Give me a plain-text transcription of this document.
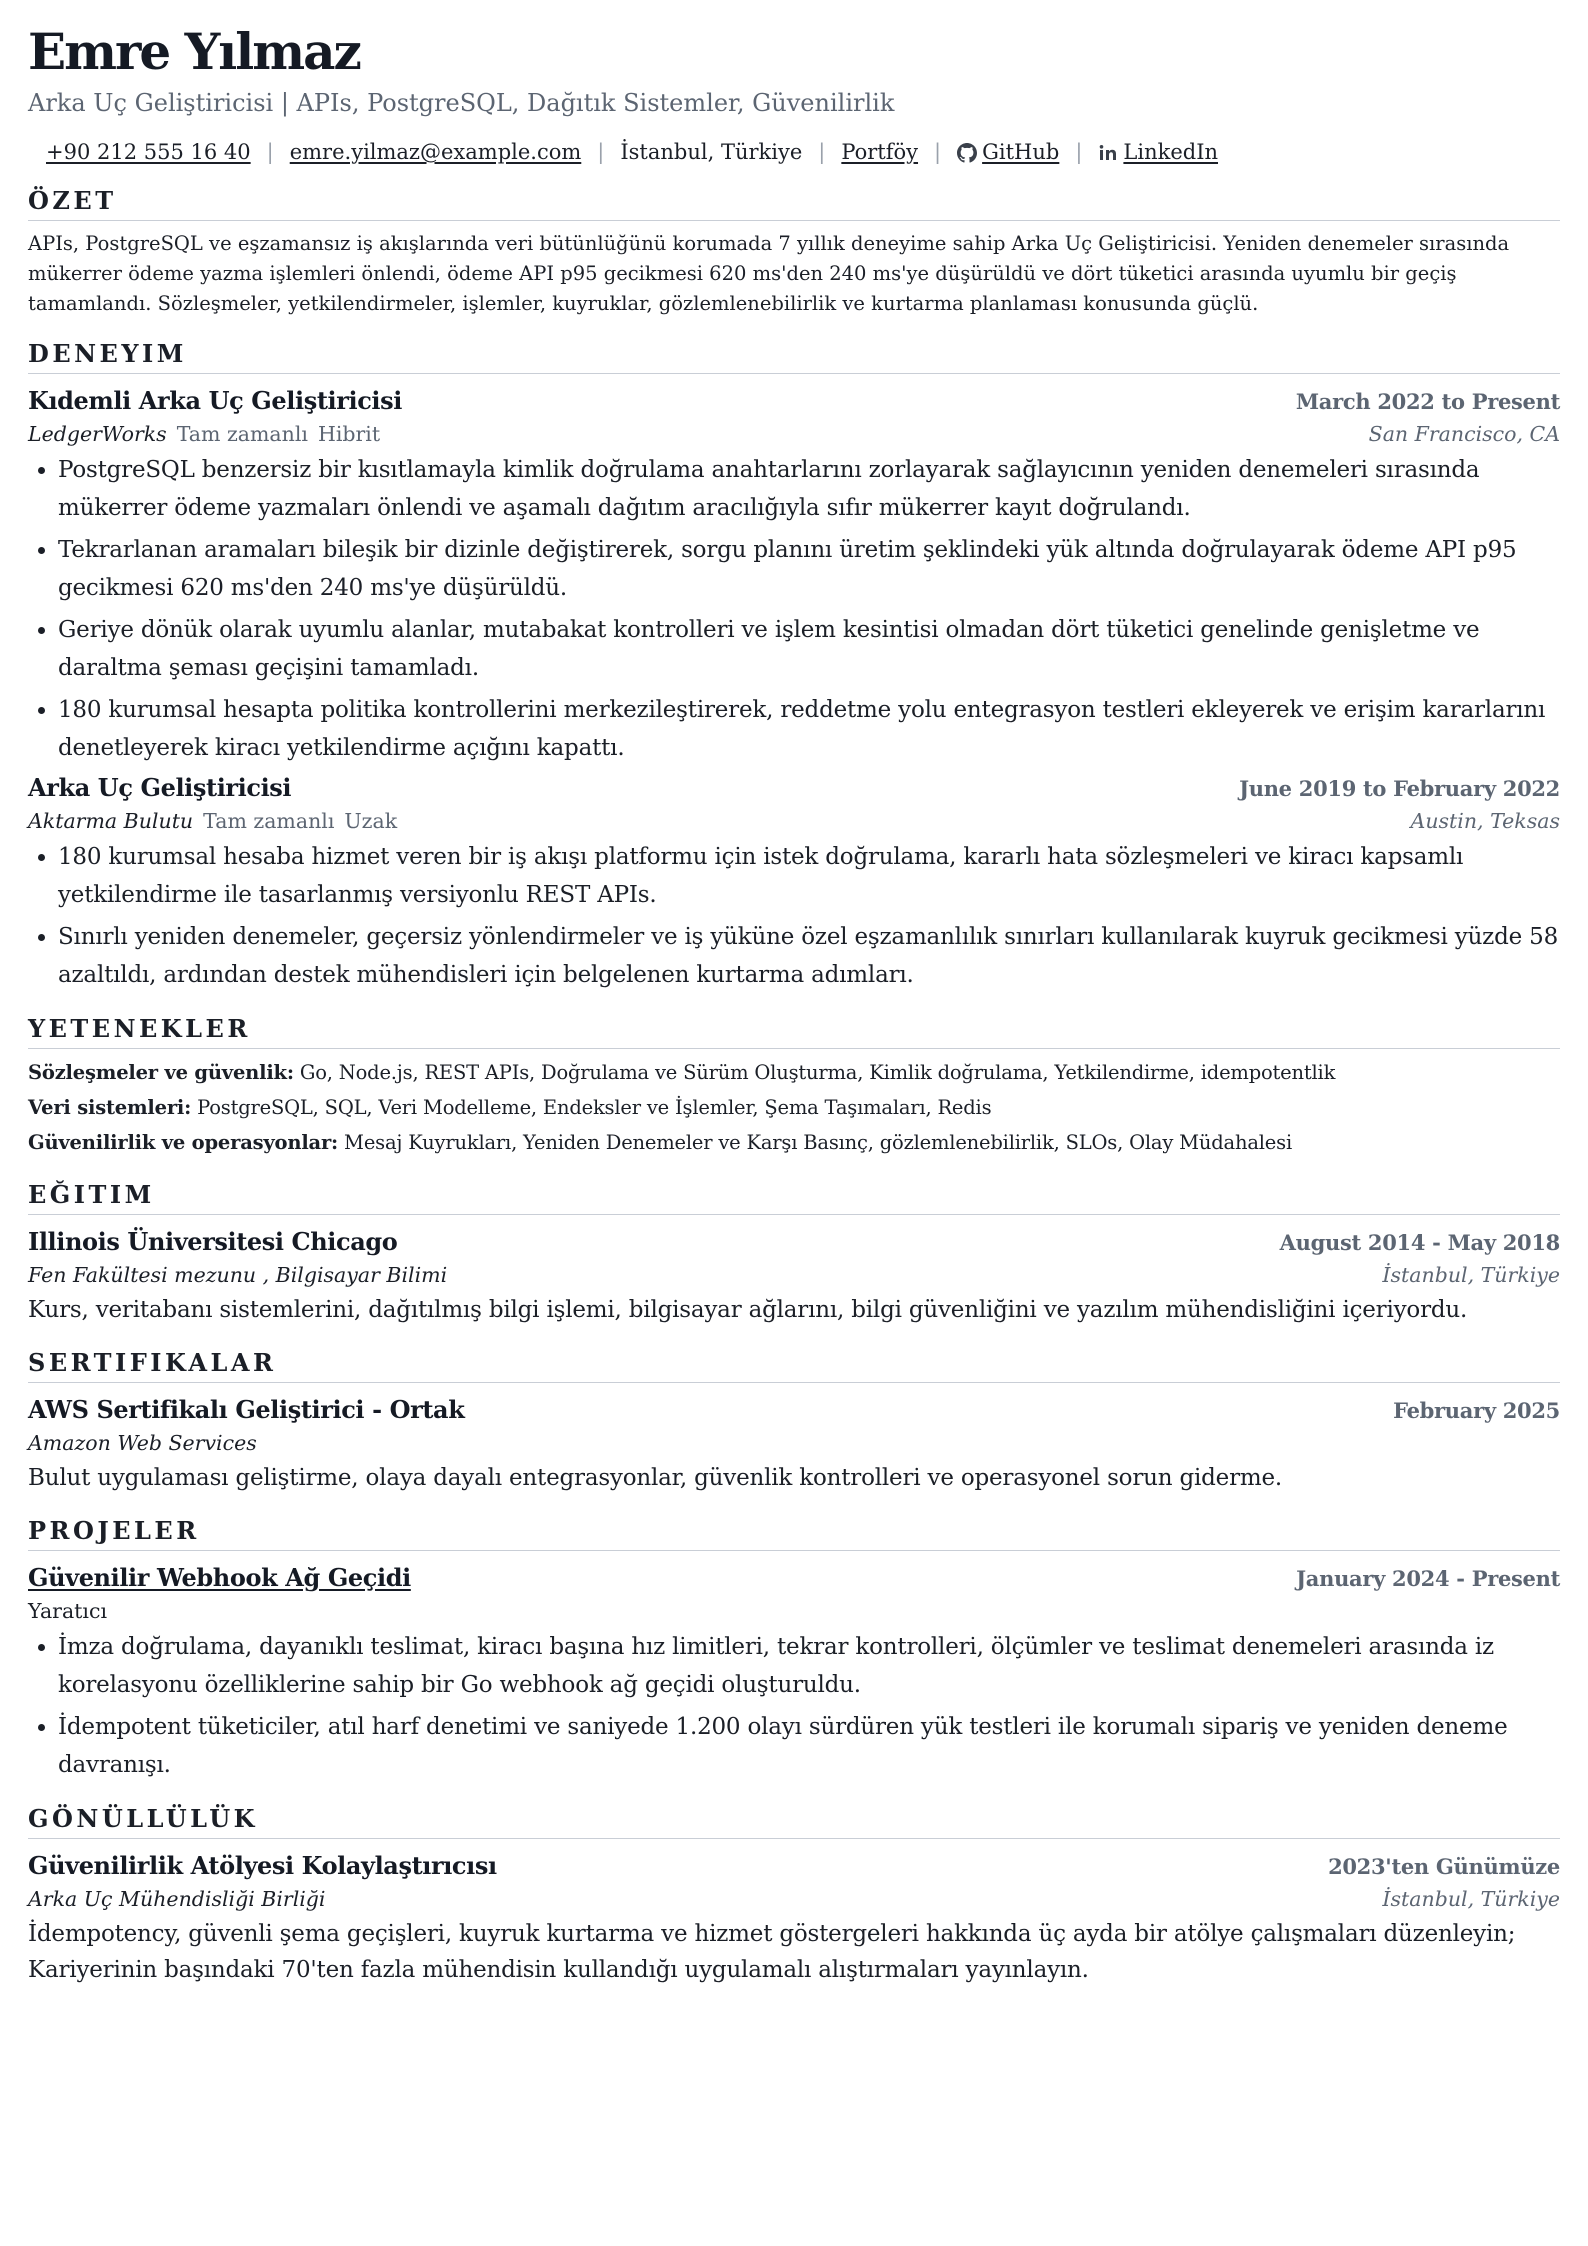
Emre Yılmaz
Arka Uç Geliştiricisi | APIs, PostgreSQL, Dağıtık Sistemler, Güvenilirlik
+90 212 555 16 40 | emre.yilmaz@example.com | İstanbul, Türkiye | Portföy | GitHub | LinkedIn
ÖZET
APIs, PostgreSQL ve eşzamansız iş akışlarında veri bütünlüğünü korumada 7 yıllık deneyime sahip Arka Uç Geliştiricisi. Yeniden denemeler sırasında mükerrer ödeme yazma işlemleri önlendi, ödeme API p95 gecikmesi 620 ms'den 240 ms'ye düşürüldü ve dört tüketici arasında uyumlu bir geçiş tamamlandı. Sözleşmeler, yetkilendirmeler, işlemler, kuyruklar, gözlemlenebilirlik ve kurtarma planlaması konusunda güçlü.
DENEYIM
Kıdemli Arka Uç Geliştiricisi	March 2022 to Present
LedgerWorks Tam zamanlı Hibrit	San Francisco, CA
• PostgreSQL benzersiz bir kısıtlamayla kimlik doğrulama anahtarlarını zorlayarak sağlayıcının yeniden denemeleri sırasında mükerrer ödeme yazmaları önlendi ve aşamalı dağıtım aracılığıyla sıfır mükerrer kayıt doğrulandı.
• Tekrarlanan aramaları bileşik bir dizinle değiştirerek, sorgu planını üretim şeklindeki yük altında doğrulayarak ödeme API p95 gecikmesi 620 ms'den 240 ms'ye düşürüldü.
• Geriye dönük olarak uyumlu alanlar, mutabakat kontrolleri ve işlem kesintisi olmadan dört tüketici genelinde genişletme ve daraltma şeması geçişini tamamladı.
• 180 kurumsal hesapta politika kontrollerini merkezileştirerek, reddetme yolu entegrasyon testleri ekleyerek ve erişim kararlarını denetleyerek kiracı yetkilendirme açığını kapattı.
Arka Uç Geliştiricisi	June 2019 to February 2022
Aktarma Bulutu Tam zamanlı Uzak	Austin, Teksas
• 180 kurumsal hesaba hizmet veren bir iş akışı platformu için istek doğrulama, kararlı hata sözleşmeleri ve kiracı kapsamlı yetkilendirme ile tasarlanmış versiyonlu REST APIs.
• Sınırlı yeniden denemeler, geçersiz yönlendirmeler ve iş yüküne özel eşzamanlılık sınırları kullanılarak kuyruk gecikmesi yüzde 58 azaltıldı, ardından destek mühendisleri için belgelenen kurtarma adımları.
YETENEKLER
Sözleşmeler ve güvenlik: Go, Node.js, REST APIs, Doğrulama ve Sürüm Oluşturma, Kimlik doğrulama, Yetkilendirme, idempotentlik
Veri sistemleri: PostgreSQL, SQL, Veri Modelleme, Endeksler ve İşlemler, Şema Taşımaları, Redis
Güvenilirlik ve operasyonlar: Mesaj Kuyrukları, Yeniden Denemeler ve Karşı Basınç, gözlemlenebilirlik, SLOs, Olay Müdahalesi
EĞITIM
Illinois Üniversitesi Chicago	August 2014 - May 2018
Fen Fakültesi mezunu , Bilgisayar Bilimi	İstanbul, Türkiye
Kurs, veritabanı sistemlerini, dağıtılmış bilgi işlemi, bilgisayar ağlarını, bilgi güvenliğini ve yazılım mühendisliğini içeriyordu.
SERTIFIKALAR
AWS Sertifikalı Geliştirici - Ortak	February 2025
Amazon Web Services
Bulut uygulaması geliştirme, olaya dayalı entegrasyonlar, güvenlik kontrolleri ve operasyonel sorun giderme.
PROJELER
Güvenilir Webhook Ağ Geçidi	January 2024 - Present
Yaratıcı
• İmza doğrulama, dayanıklı teslimat, kiracı başına hız limitleri, tekrar kontrolleri, ölçümler ve teslimat denemeleri arasında iz korelasyonu özelliklerine sahip bir Go webhook ağ geçidi oluşturuldu.
• İdempotent tüketiciler, atıl harf denetimi ve saniyede 1.200 olayı sürdüren yük testleri ile korumalı sipariş ve yeniden deneme davranışı.
GÖNÜLLÜLÜK
Güvenilirlik Atölyesi Kolaylaştırıcısı	2023'ten Günümüze
Arka Uç Mühendisliği Birliği	İstanbul, Türkiye
İdempotency, güvenli şema geçişleri, kuyruk kurtarma ve hizmet göstergeleri hakkında üç ayda bir atölye çalışmaları düzenleyin; Kariyerinin başındaki 70'ten fazla mühendisin kullandığı uygulamalı alıştırmaları yayınlayın.
